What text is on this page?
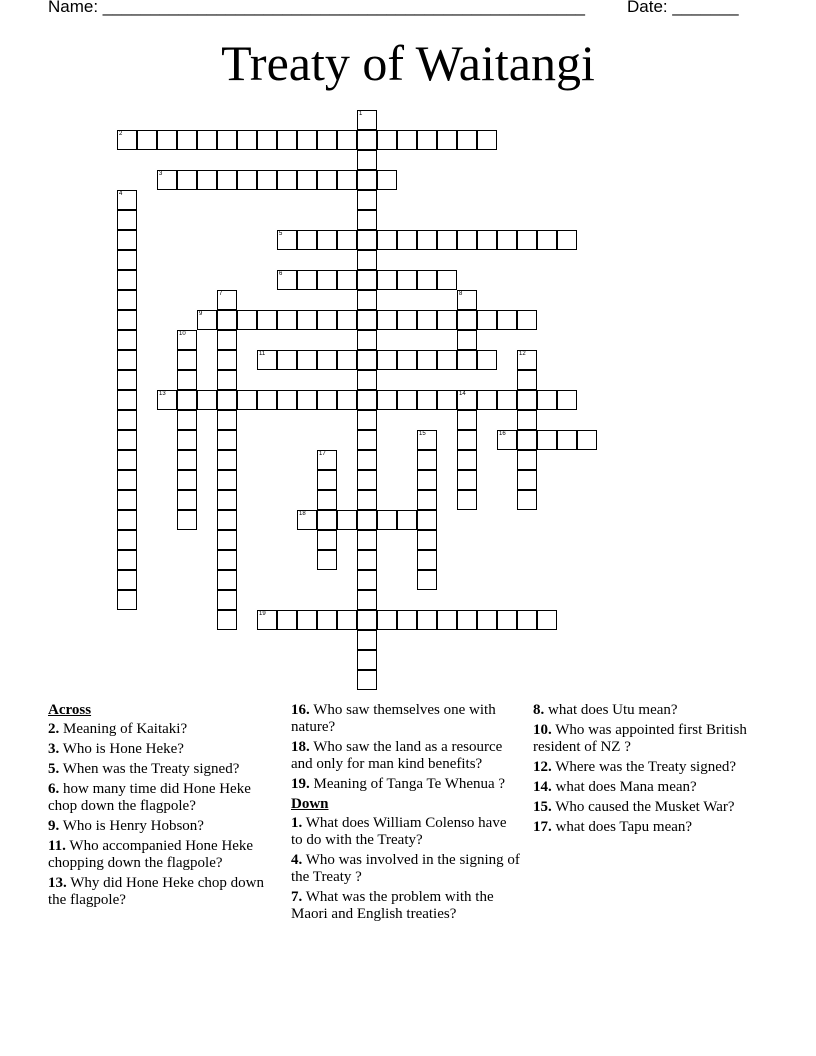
Name: ___________________________________________________

Date: _______

Treaty of Waitangi
1
2
3
4
5
6
7	8
9
10
11	12
13	14
15	16
17
18
19
Across
2. Meaning of Kaitaki?
3. Who is Hone Heke?
5. When was the Treaty signed?
6. how many time did Hone Heke chop down the flagpole?
9. Who is Henry Hobson?
11. Who accompanied Hone Heke chopping down the flagpole?
13. Why did Hone Heke chop down the flagpole?
16. Who saw themselves one with nature?
18. Who saw the land as a resource and only for man kind benefits?
19. Meaning of Tanga Te Whenua ?
Down
1. What does William Colenso have to do with the Treaty?
4. Who was involved in the signing of the Treaty ?
7. What was the problem with the Maori and English treaties?
8. what does Utu mean?
10. Who was appointed first British resident of NZ ?
12. Where was the Treaty signed?
14. what does Mana mean?
15. Who caused the Musket War?
17. what does Tapu mean?
